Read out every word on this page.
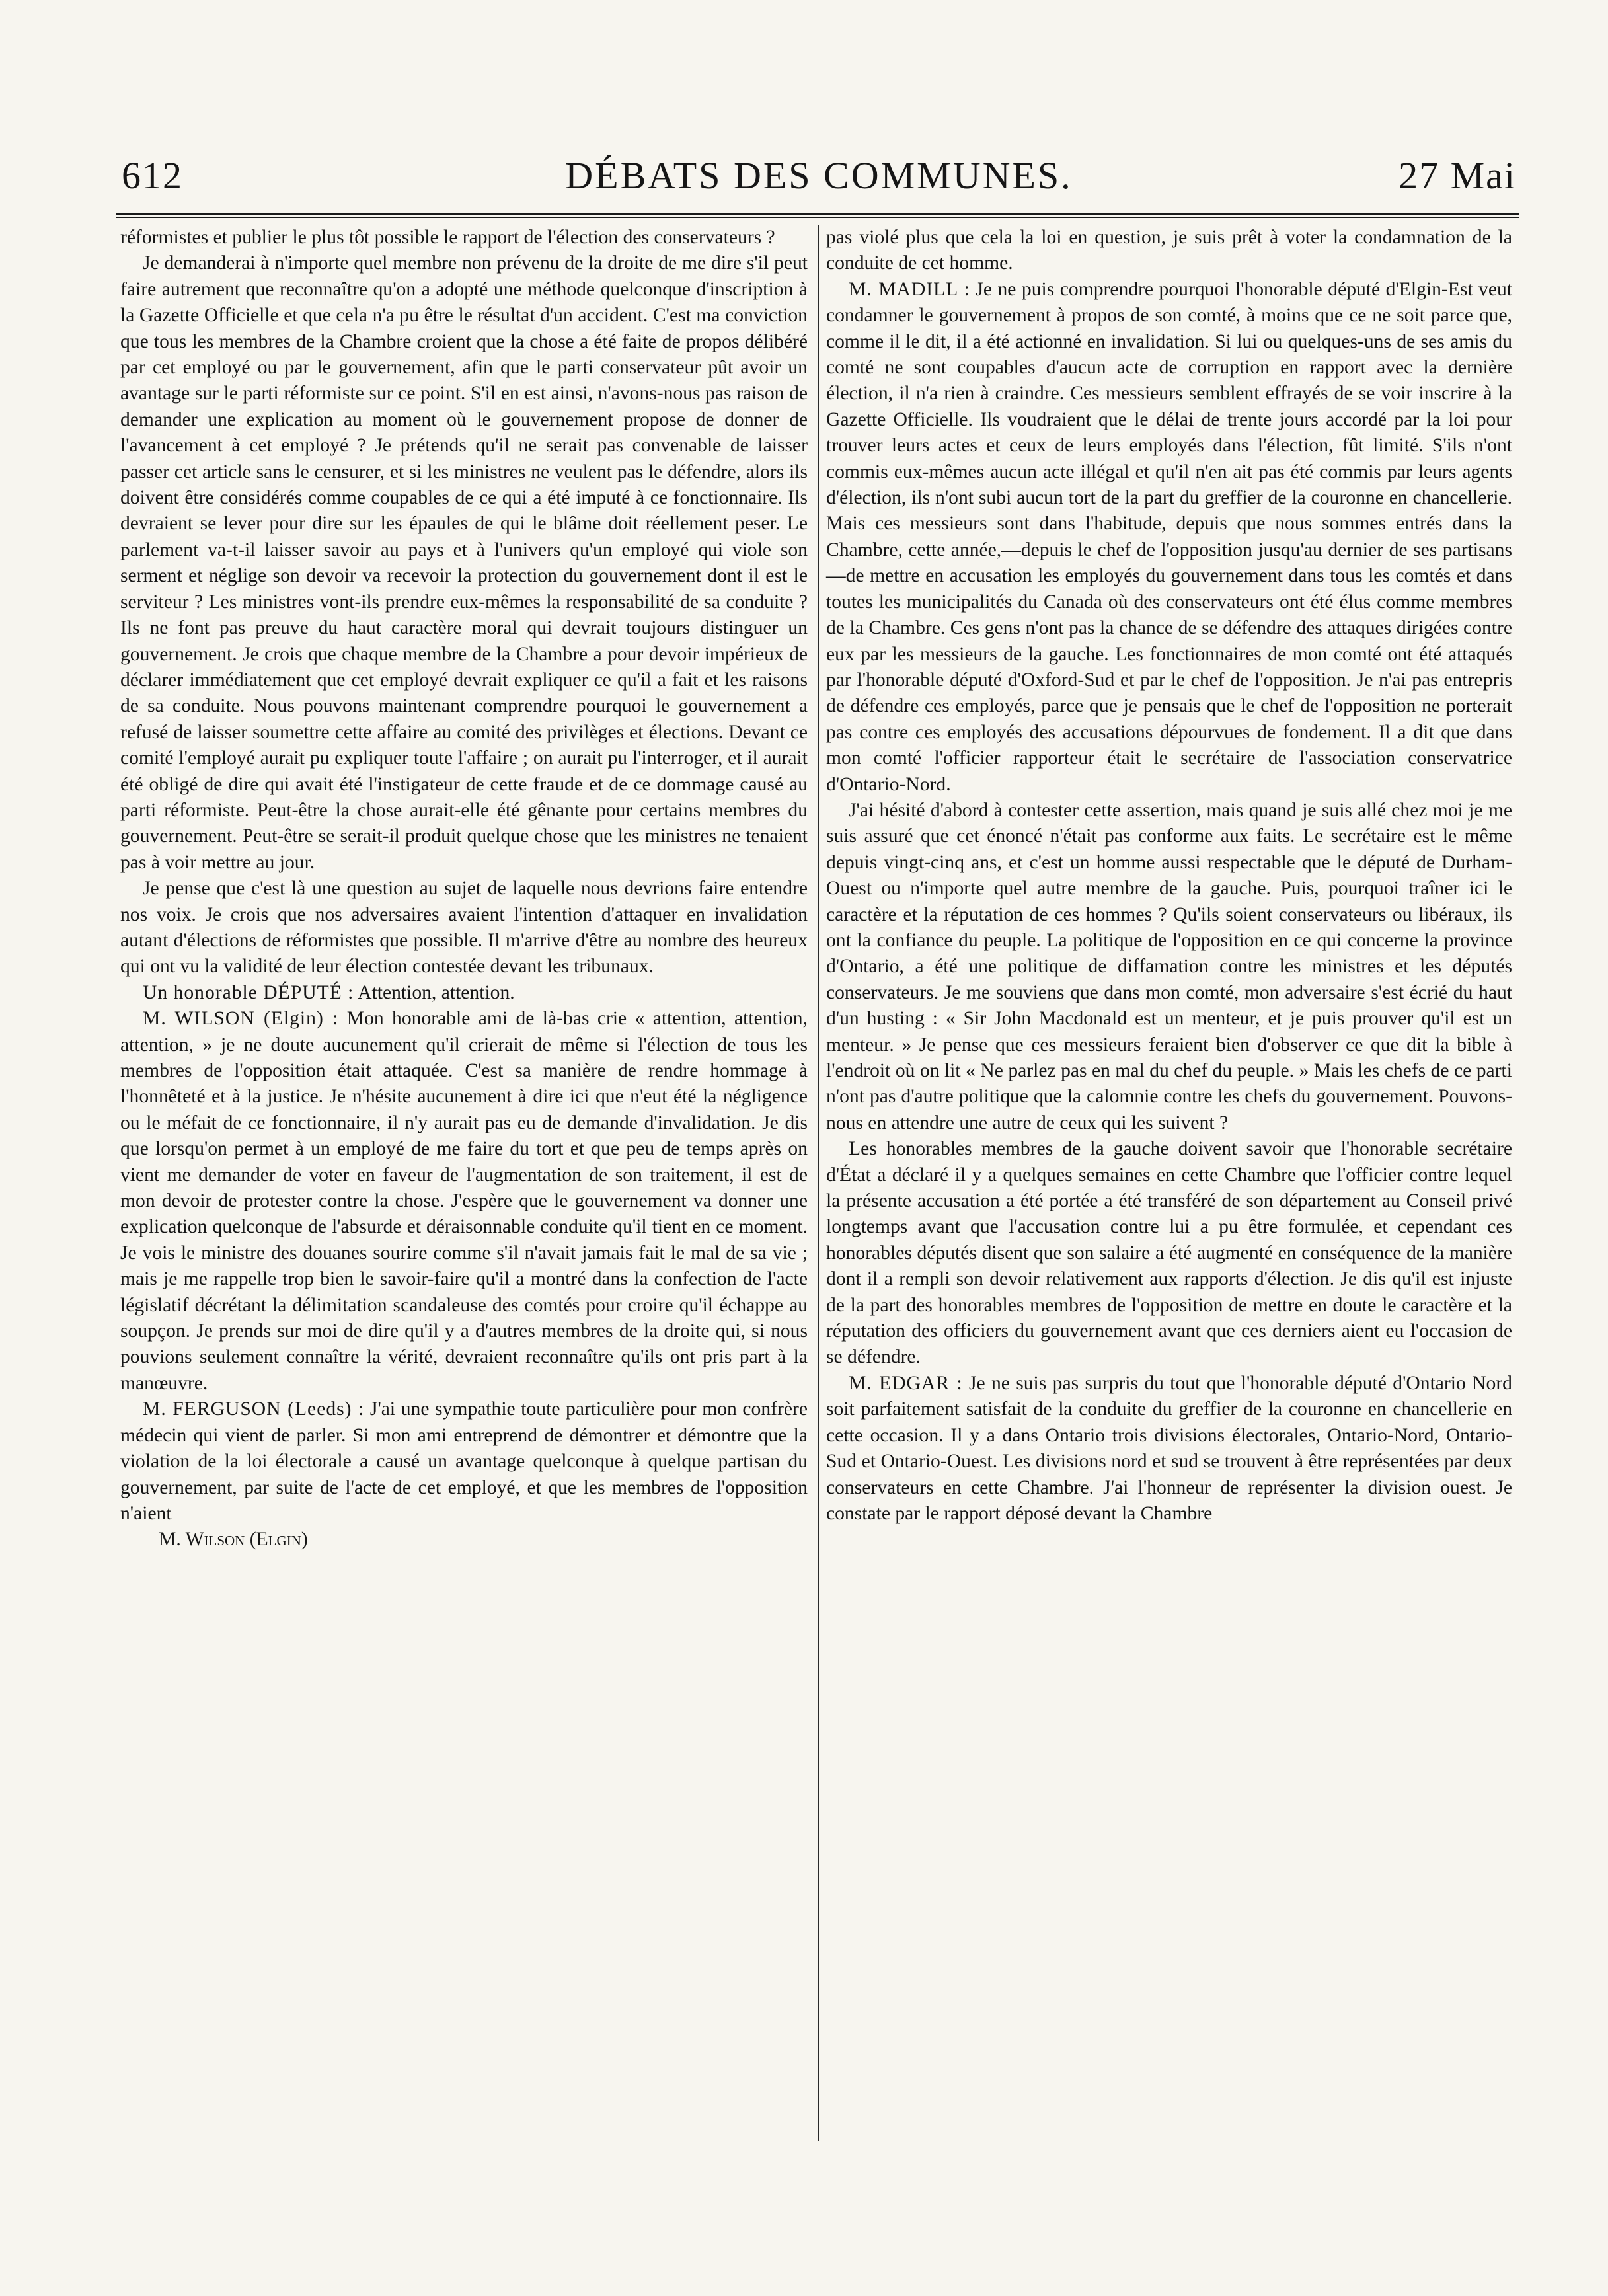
612	DÉBATS DES COMMUNES.	27 Mai

réformistes et publier le plus tôt possible le rapport de l'élection des conservateurs ?

Je demanderai à n'importe quel membre non prévenu de la droite de me dire s'il peut faire autrement que reconnaître qu'on a adopté une méthode quelconque d'inscription à la Gazette Officielle et que cela n'a pu être le résultat d'un accident. C'est ma conviction que tous les membres de la Chambre croient que la chose a été faite de propos délibéré par cet employé ou par le gouvernement, afin que le parti conservateur pût avoir un avantage sur le parti réformiste sur ce point. S'il en est ainsi, n'avons-nous pas raison de demander une explication au moment où le gouvernement propose de donner de l'avancement à cet employé ? Je prétends qu'il ne serait pas convenable de laisser passer cet article sans le censurer, et si les ministres ne veulent pas le défendre, alors ils doivent être considérés comme coupables de ce qui a été imputé à ce fonctionnaire. Ils devraient se lever pour dire sur les épaules de qui le blâme doit réellement peser. Le parlement va-t-il laisser savoir au pays et à l'univers qu'un employé qui viole son serment et néglige son devoir va recevoir la protection du gouvernement dont il est le serviteur ? Les ministres vont-ils prendre eux-mêmes la responsabilité de sa conduite ? Ils ne font pas preuve du haut caractère moral qui devrait toujours distinguer un gouvernement. Je crois que chaque membre de la Chambre a pour devoir impérieux de déclarer immédiatement que cet employé devrait expliquer ce qu'il a fait et les raisons de sa conduite. Nous pouvons maintenant comprendre pourquoi le gouvernement a refusé de laisser soumettre cette affaire au comité des privilèges et élections. Devant ce comité l'employé aurait pu expliquer toute l'affaire ; on aurait pu l'interroger, et il aurait été obligé de dire qui avait été l'instigateur de cette fraude et de ce dommage causé au parti réformiste. Peut-être la chose aurait-elle été gênante pour certains membres du gouvernement. Peut-être se serait-il produit quelque chose que les ministres ne tenaient pas à voir mettre au jour.

Je pense que c'est là une question au sujet de laquelle nous devrions faire entendre nos voix. Je crois que nos adversaires avaient l'intention d'attaquer en invalidation autant d'élections de réformistes que possible. Il m'arrive d'être au nombre des heureux qui ont vu la validité de leur élection contestée devant les tribunaux.

Un honorable DÉPUTÉ : Attention, attention.

M. WILSON (Elgin) : Mon honorable ami de là-bas crie « attention, attention, attention, » je ne doute aucunement qu'il crierait de même si l'élection de tous les membres de l'opposition était attaquée. C'est sa manière de rendre hommage à l'honnêteté et à la justice. Je n'hésite aucunement à dire ici que n'eut été la négligence ou le méfait de ce fonctionnaire, il n'y aurait pas eu de demande d'invalidation. Je dis que lorsqu'on permet à un employé de me faire du tort et que peu de temps après on vient me demander de voter en faveur de l'augmentation de son traitement, il est de mon devoir de protester contre la chose. J'espère que le gouvernement va donner une explication quelconque de l'absurde et déraisonnable conduite qu'il tient en ce moment. Je vois le ministre des douanes sourire comme s'il n'avait jamais fait le mal de sa vie ; mais je me rappelle trop bien le savoir-faire qu'il a montré dans la confection de l'acte législatif décrétant la délimitation scandaleuse des comtés pour croire qu'il échappe au soupçon. Je prends sur moi de dire qu'il y a d'autres membres de la droite qui, si nous pouvions seulement connaître la vérité, devraient reconnaître qu'ils ont pris part à la manœuvre.

M. FERGUSON (Leeds) : J'ai une sympathie toute particulière pour mon confrère médecin qui vient de parler. Si mon ami entreprend de démontrer et démontre que la violation de la loi électorale a causé un avantage quelconque à quelque partisan du gouvernement, par suite de l'acte de cet employé, et que les membres de l'opposition n'aient

M. Wilson (Elgin)

pas violé plus que cela la loi en question, je suis prêt à voter la condamnation de la conduite de cet homme.

M. MADILL : Je ne puis comprendre pourquoi l'honorable député d'Elgin-Est veut condamner le gouvernement à propos de son comté, à moins que ce ne soit parce que, comme il le dit, il a été actionné en invalidation. Si lui ou quelques-uns de ses amis du comté ne sont coupables d'aucun acte de corruption en rapport avec la dernière élection, il n'a rien à craindre. Ces messieurs semblent effrayés de se voir inscrire à la Gazette Officielle. Ils voudraient que le délai de trente jours accordé par la loi pour trouver leurs actes et ceux de leurs employés dans l'élection, fût limité. S'ils n'ont commis eux-mêmes aucun acte illégal et qu'il n'en ait pas été commis par leurs agents d'élection, ils n'ont subi aucun tort de la part du greffier de la couronne en chancellerie. Mais ces messieurs sont dans l'habitude, depuis que nous sommes entrés dans la Chambre, cette année,—depuis le chef de l'opposition jusqu'au dernier de ses partisans—de mettre en accusation les employés du gouvernement dans tous les comtés et dans toutes les municipalités du Canada où des conservateurs ont été élus comme membres de la Chambre. Ces gens n'ont pas la chance de se défendre des attaques dirigées contre eux par les messieurs de la gauche. Les fonctionnaires de mon comté ont été attaqués par l'honorable député d'Oxford-Sud et par le chef de l'opposition. Je n'ai pas entrepris de défendre ces employés, parce que je pensais que le chef de l'opposition ne porterait pas contre ces employés des accusations dépourvues de fondement. Il a dit que dans mon comté l'officier rapporteur était le secrétaire de l'association conservatrice d'Ontario-Nord.

J'ai hésité d'abord à contester cette assertion, mais quand je suis allé chez moi je me suis assuré que cet énoncé n'était pas conforme aux faits. Le secrétaire est le même depuis vingt-cinq ans, et c'est un homme aussi respectable que le député de Durham-Ouest ou n'importe quel autre membre de la gauche. Puis, pourquoi traîner ici le caractère et la réputation de ces hommes ? Qu'ils soient conservateurs ou libéraux, ils ont la confiance du peuple. La politique de l'opposition en ce qui concerne la province d'Ontario, a été une politique de diffamation contre les ministres et les députés conservateurs. Je me souviens que dans mon comté, mon adversaire s'est écrié du haut d'un husting : « Sir John Macdonald est un menteur, et je puis prouver qu'il est un menteur. » Je pense que ces messieurs feraient bien d'observer ce que dit la bible à l'endroit où on lit « Ne parlez pas en mal du chef du peuple. » Mais les chefs de ce parti n'ont pas d'autre politique que la calomnie contre les chefs du gouvernement. Pouvons-nous en attendre une autre de ceux qui les suivent ?

Les honorables membres de la gauche doivent savoir que l'honorable secrétaire d'État a déclaré il y a quelques semaines en cette Chambre que l'officier contre lequel la présente accusation a été portée a été transféré de son département au Conseil privé longtemps avant que l'accusation contre lui a pu être formulée, et cependant ces honorables députés disent que son salaire a été augmenté en conséquence de la manière dont il a rempli son devoir relativement aux rapports d'élection. Je dis qu'il est injuste de la part des honorables membres de l'opposition de mettre en doute le caractère et la réputation des officiers du gouvernement avant que ces derniers aient eu l'occasion de se défendre.

M. EDGAR : Je ne suis pas surpris du tout que l'honorable député d'Ontario Nord soit parfaitement satisfait de la conduite du greffier de la couronne en chancellerie en cette occasion. Il y a dans Ontario trois divisions électorales, Ontario-Nord, Ontario-Sud et Ontario-Ouest. Les divisions nord et sud se trouvent à être représentées par deux conservateurs en cette Chambre. J'ai l'honneur de représenter la division ouest. Je constate par le rapport déposé devant la Chambre
